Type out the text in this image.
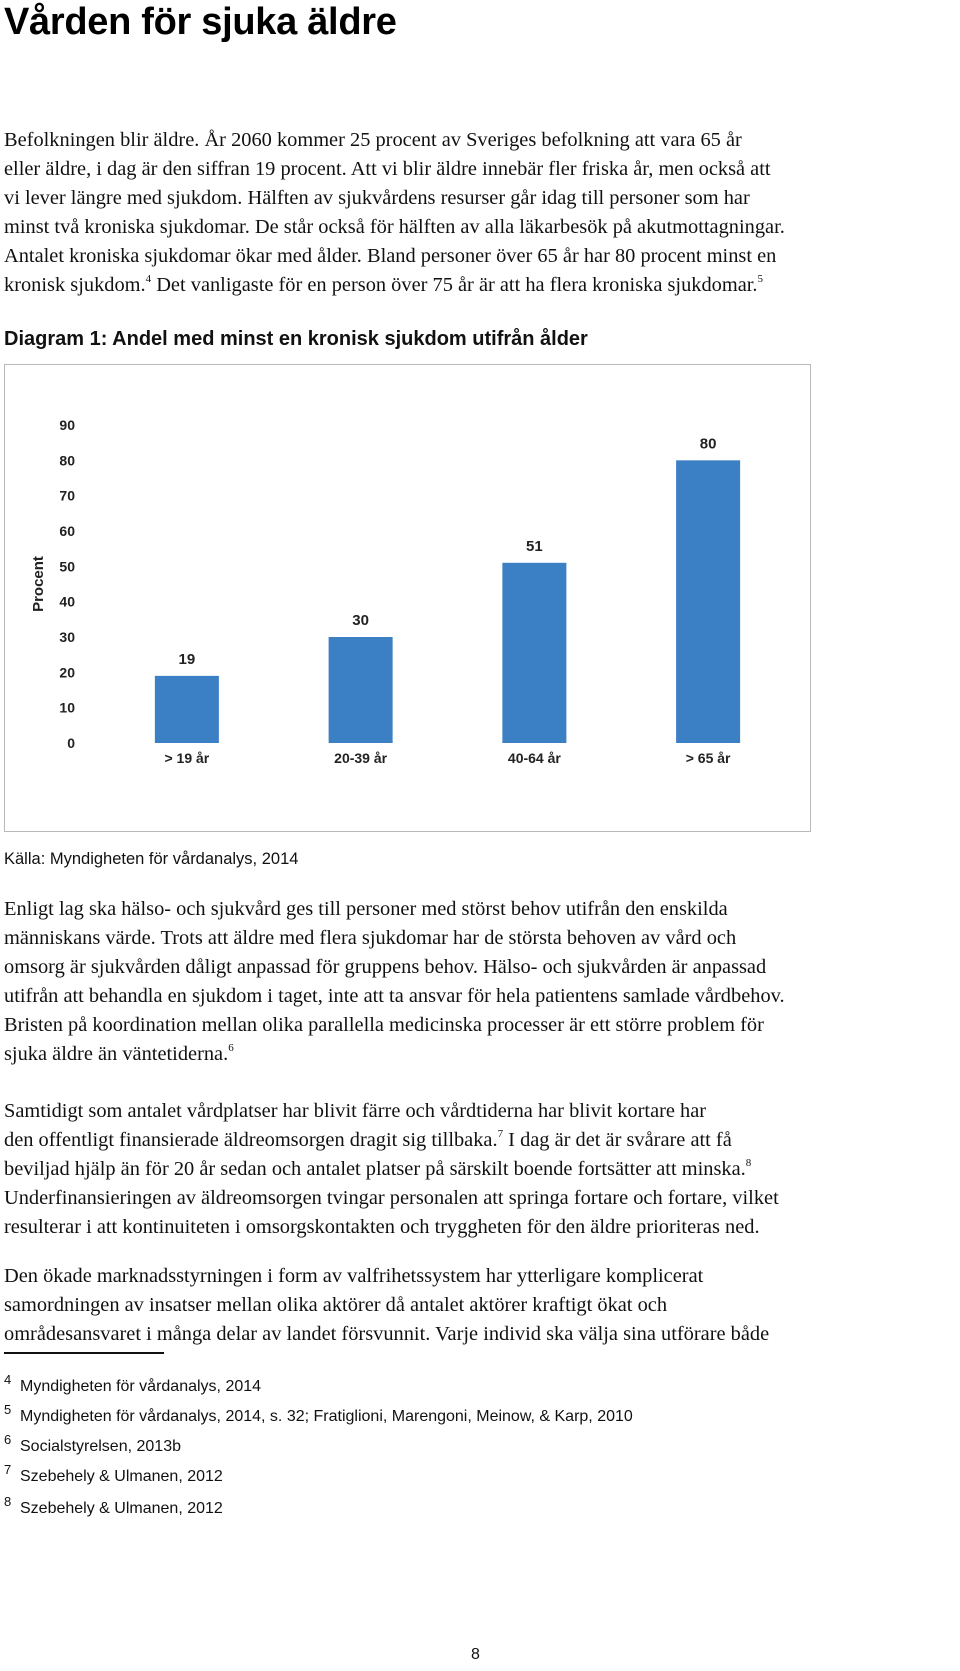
Vården för sjuka äldre
Befolkningen blir äldre. År 2060 kommer 25 procent av Sveriges befolkning att vara 65 år
eller äldre, i dag är den siffran 19 procent. Att vi blir äldre innebär fler friska år, men också att
vi lever längre med sjukdom. Hälften av sjukvårdens resurser går idag till personer som har
minst två kroniska sjukdomar. De står också för hälften av alla läkarbesök på akutmottagningar.
Antalet kroniska sjukdomar ökar med ålder. Bland personer över 65 år har 80 procent minst en
kronisk sjukdom.$^4$ Det vanligaste för en person över 75 år är att ha flera kroniska sjukdomar.$^5$

Diagram 1: Andel med minst en kronisk sjukdom utifrån ålder

Procent
0
10
20
30
40
50
60
70
80
90
19
> 19 år
30
20-39 år
51
40-64 år
80
> 65 år

Källa: Myndigheten för vårdanalys, 2014

Enligt lag ska hälso- och sjukvård ges till personer med störst behov utifrån den enskilda
människans värde. Trots att äldre med flera sjukdomar har de största behoven av vård och
omsorg är sjukvården dåligt anpassad för gruppens behov. Hälso- och sjukvården är anpassad
utifrån att behandla en sjukdom i taget, inte att ta ansvar för hela patientens samlade vårdbehov.
Bristen på koordination mellan olika parallella medicinska processer är ett större problem för
sjuka äldre än väntetiderna.$^6$
Samtidigt som antalet vårdplatser har blivit färre och vårdtiderna har blivit kortare har
den offentligt finansierade äldreomsorgen dragit sig tillbaka.$^7$ I dag är det är svårare att få
beviljad hjälp än för 20 år sedan och antalet platser på särskilt boende fortsätter att minska.$^8$
Underfinansieringen av äldreomsorgen tvingar personalen att springa fortare och fortare, vilket
resulterar i att kontinuiteten i omsorgskontakten och tryggheten för den äldre prioriteras ned.
Den ökade marknadsstyrningen i form av valfrihetssystem har ytterligare komplicerat
samordningen av insatser mellan olika aktörer då antalet aktörer kraftigt ökat och
områdesansvaret i många delar av landet försvunnit. Varje individ ska välja sina utförare både

4 Myndigheten för vårdanalys, 2014

5 Myndigheten för vårdanalys, 2014, s. 32; Fratiglioni, Marengoni, Meinow, & Karp, 2010

6 Socialstyrelsen, 2013b

7 Szebehely & Ulmanen, 2012

8 Szebehely & Ulmanen, 2012

8
